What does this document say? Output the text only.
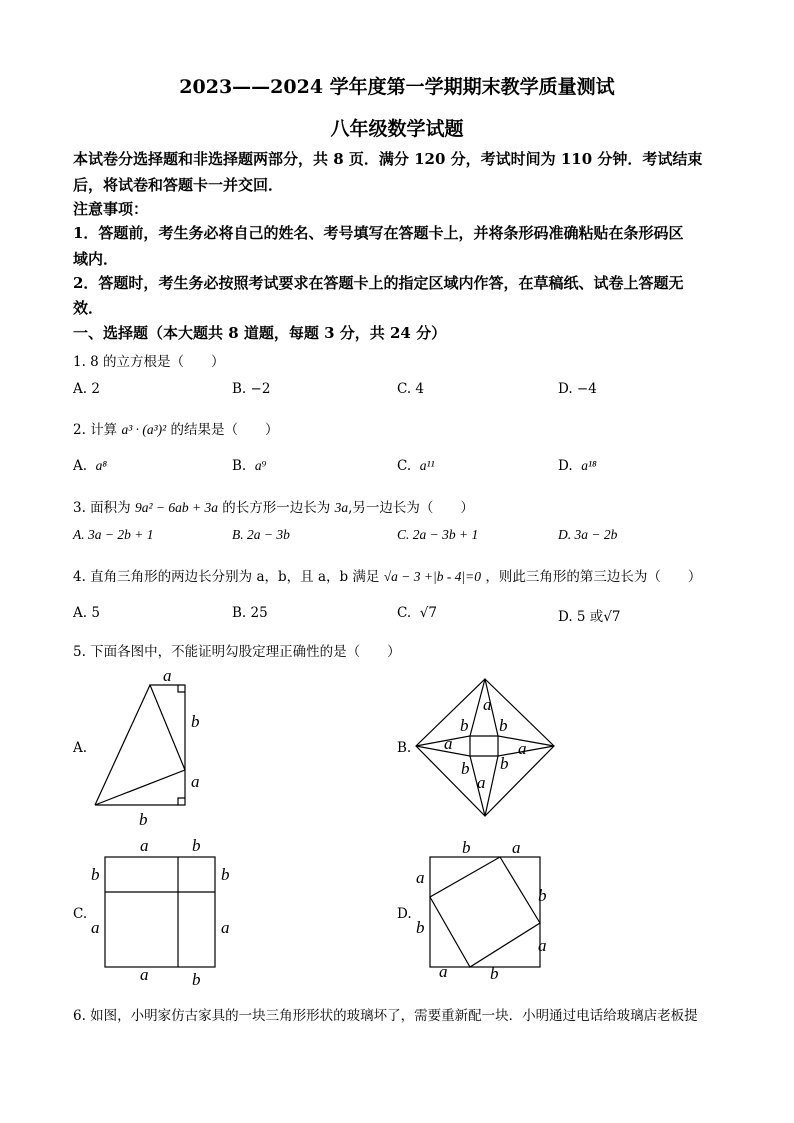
2023——2024 学年度第一学期期末教学质量测试
八年级数学试题
本试卷分选择题和非选择题两部分，共 8 页．满分 120 分，考试时间为 110 分钟．考试结束
后，将试卷和答题卡一并交回．
注意事项：
1．答题前，考生务必将自己的姓名、考号填写在答题卡上，并将条形码准确粘贴在条形码区
域内．
2．答题时，考生务必按照考试要求在答题卡上的指定区域内作答，在草稿纸、试卷上答题无
效．
一、选择题（本大题共 8 道题，每题 3 分，共 24 分）
1. 8 的立方根是（　　）
A. 2	B. −2	C. 4	D. −4
2. 计算 a³ · (a³)² 的结果是（　　）
A. a⁸	B. a⁹	C. a¹¹	D. a¹⁸
3. 面积为 9a² − 6ab + 3a 的长方形一边长为 3a,另一边长为（　　）
A. 3a − 2b + 1	B. 2a − 3b	C. 2a − 3b + 1	D. 3a − 2b
4. 直角三角形的两边长分别为 a，b，且 a，b 满足 √a − 3 +|b - 4|=0 ，则此三角形的第三边长为（　　）
A. 5	B. 25	C. √7	D. 5 或√7
5. 下面各图中，不能证明勾股定理正确性的是（　　）
A.	B.
C.	D.
a
b
a
b
a
b b
a	a
b b
a
a	b
b
a
b
a
a	b
b a
a
b
b
a
a	b
6. 如图，小明家仿古家具的一块三角形形状的玻璃坏了，需要重新配一块．小明通过电话给玻璃店老板提
